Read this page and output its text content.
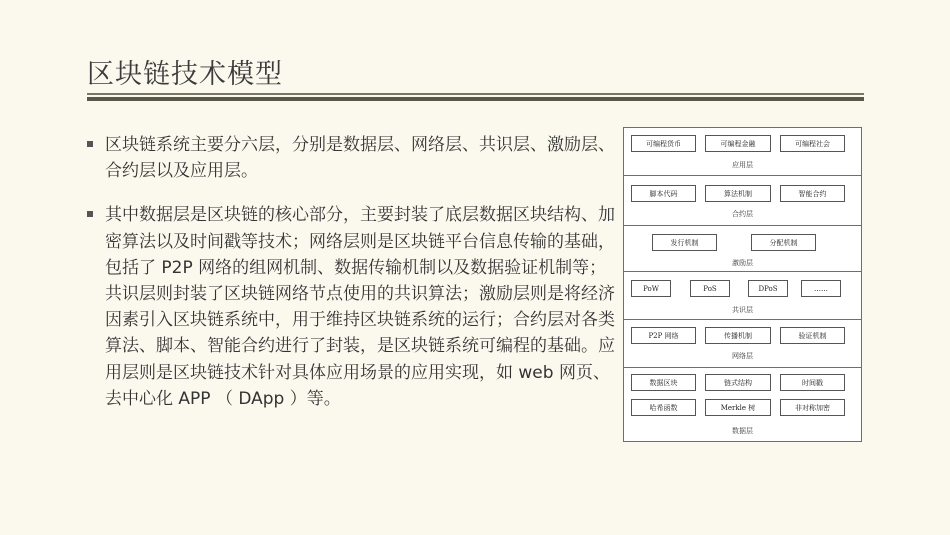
区块链技术模型
区块链系统主要分六层，分别是数据层、网络层、共识层、激励层、合约层以及应用层。
其中数据层是区块链的核心部分，主要封装了底层数据区块结构、加密算法以及时间戳等技术；网络层则是区块链平台信息传输的基础，包括了 P2P 网络的组网机制、数据传输机制以及数据验证机制等；共识层则封装了区块链网络节点使用的共识算法；激励层则是将经济因素引入区块链系统中，用于维持区块链系统的运行；合约层对各类算法、脚本、智能合约进行了封装，是区块链系统可编程的基础。应用层则是区块链技术针对具体应用场景的应用实现，如 web 网页、去中心化 APP （ DApp ）等。
可编程货币	可编程金融	可编程社会
应用层
脚本代码	算法机制	智能合约
合约层
发行机制	分配机制
激励层
PoW	PoS	DPoS	……
共识层
P2P 网络	传播机制	验证机制
网络层
数据区块	链式结构	时间戳
哈希函数	Merkle 树	非对称加密
数据层
